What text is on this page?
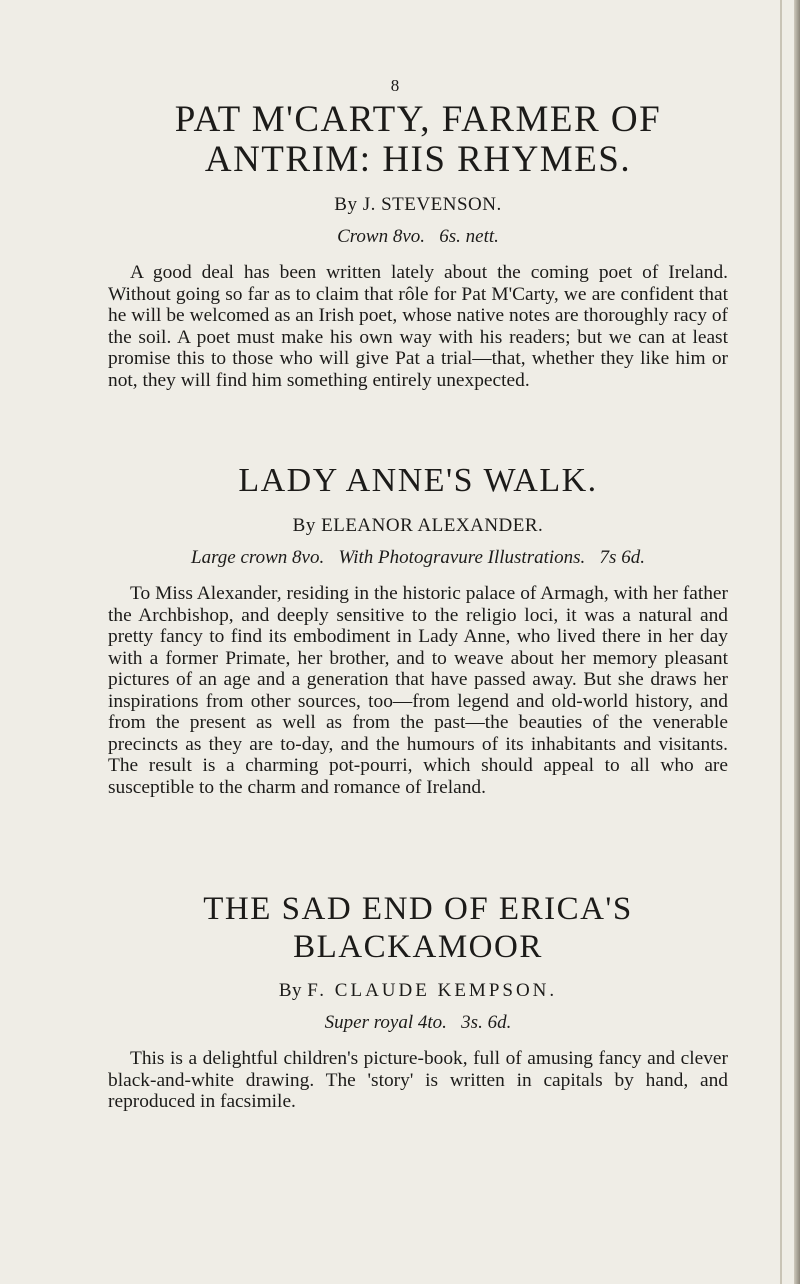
8
PAT M'CARTY, FARMER OF
ANTRIM: HIS RHYMES.
By J. STEVENSON.
Crown 8vo. 6s. nett.

A good deal has been written lately about the coming poet of Ireland. Without going so far as to claim that rôle for Pat M'Carty, we are confident that he will be welcomed as an Irish poet, whose native notes are thoroughly racy of the soil. A poet must make his own way with his readers; but we can at least promise this to those who will give Pat a trial—that, whether they like him or not, they will find him something entirely unexpected.

LADY ANNE'S WALK.
By ELEANOR ALEXANDER.
Large crown 8vo. With Photogravure Illustrations. 7s 6d.

To Miss Alexander, residing in the historic palace of Armagh, with her father the Archbishop, and deeply sensitive to the religio loci, it was a natural and pretty fancy to find its embodiment in Lady Anne, who lived there in her day with a former Primate, her brother, and to weave about her memory pleasant pictures of an age and a generation that have passed away. But she draws her inspirations from other sources, too—from legend and old-world history, and from the present as well as from the past—the beauties of the venerable precincts as they are to-day, and the humours of its inhabitants and visitants. The result is a charming pot-pourri, which should appeal to all who are susceptible to the charm and romance of Ireland.

THE SAD END OF ERICA'S
BLACKAMOOR
By F. CLAUDE KEMPSON.
Super royal 4to. 3s. 6d.

This is a delightful children's picture-book, full of amusing fancy and clever black-and-white drawing. The 'story' is written in capitals by hand, and reproduced in facsimile.
